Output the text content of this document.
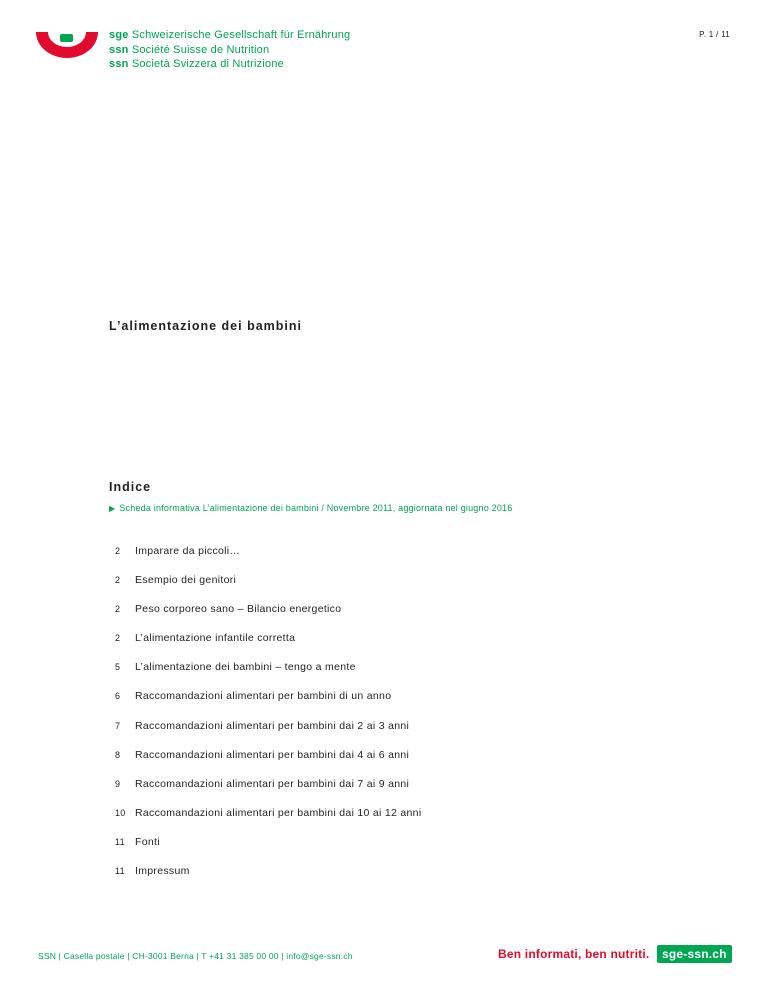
sge Schweizerische Gesellschaft für Ernährung
ssn Société Suisse de Nutrition
ssn Società Svizzera di Nutrizione
P. 1 / 11
L’alimentazione dei bambini
Indice
▶ Scheda informativa L’alimentazione dei bambini / Novembre 2011, aggiornata nel giugno 2016
2	Imparare da piccoli…
2	Esempio dei genitori
2	Peso corporeo sano – Bilancio energetico
2	L’alimentazione infantile corretta
5	L’alimentazione dei bambini – tengo a mente
6	Raccomandazioni alimentari per bambini di un anno
7	Raccomandazioni alimentari per bambini dai 2 ai 3 anni
8	Raccomandazioni alimentari per bambini dai 4 ai 6 anni
9	Raccomandazioni alimentari per bambini dai 7 ai 9 anni
10 Raccomandazioni alimentari per bambini dai 10 ai 12 anni
11 Fonti
11 Impressum
SSN | Casella postale | CH-3001 Berna | T +41 31 385 00 00 | info@sge-ssn.ch	Ben informati, ben nutriti.	sge-ssn.ch
